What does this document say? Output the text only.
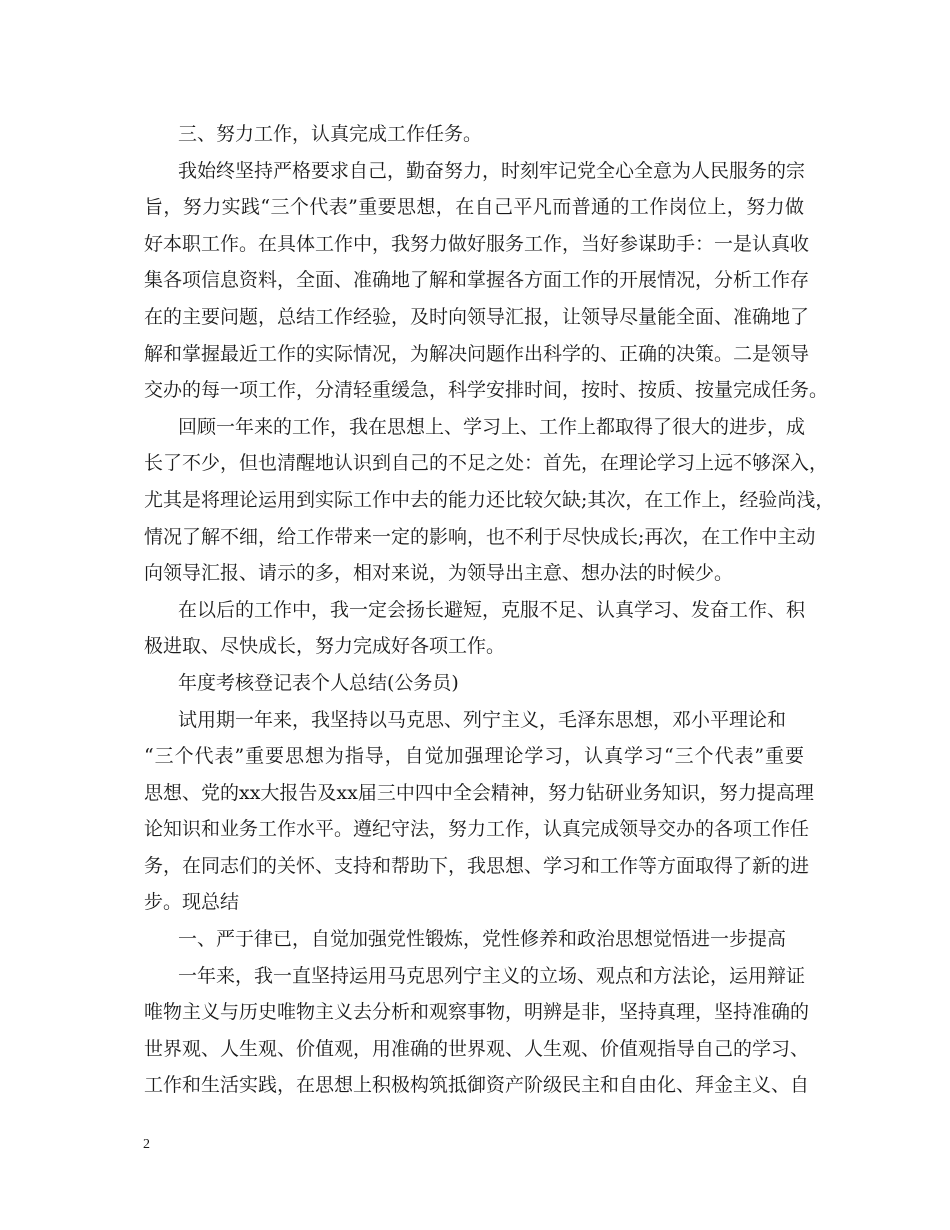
三、努力工作，认真完成工作任务。
我始终坚持严格要求自己，勤奋努力，时刻牢记党全心全意为人民服务的宗
旨，努力实践“三个代表”重要思想，在自己平凡而普通的工作岗位上，努力做
好本职工作。在具体工作中，我努力做好服务工作，当好参谋助手：一是认真收
集各项信息资料，全面、准确地了解和掌握各方面工作的开展情况，分析工作存
在的主要问题，总结工作经验，及时向领导汇报，让领导尽量能全面、准确地了
解和掌握最近工作的实际情况，为解决问题作出科学的、正确的决策。二是领导
交办的每一项工作，分清轻重缓急，科学安排时间，按时、按质、按量完成任务。
回顾一年来的工作，我在思想上、学习上、工作上都取得了很大的进步，成
长了不少，但也清醒地认识到自己的不足之处：首先，在理论学习上远不够深入，
尤其是将理论运用到实际工作中去的能力还比较欠缺;其次，在工作上，经验尚浅，
情况了解不细，给工作带来一定的影响，也不利于尽快成长;再次，在工作中主动
向领导汇报、请示的多，相对来说，为领导出主意、想办法的时候少。
在以后的工作中，我一定会扬长避短，克服不足、认真学习、发奋工作、积
极进取、尽快成长，努力完成好各项工作。
年度考核登记表个人总结(公务员)
试用期一年来，我坚持以马克思、列宁主义，毛泽东思想，邓小平理论和
“三个代表”重要思想为指导，自觉加强理论学习，认真学习“三个代表”重要
思想、党的xx大报告及xx届三中四中全会精神，努力钻研业务知识，努力提高理
论知识和业务工作水平。遵纪守法，努力工作，认真完成领导交办的各项工作任
务，在同志们的关怀、支持和帮助下，我思想、学习和工作等方面取得了新的进
步。现总结
一、严于律已，自觉加强党性锻炼，党性修养和政治思想觉悟进一步提高
一年来，我一直坚持运用马克思列宁主义的立场、观点和方法论，运用辩证
唯物主义与历史唯物主义去分析和观察事物，明辨是非，坚持真理，坚持准确的
世界观、人生观、价值观，用准确的世界观、人生观、价值观指导自己的学习、
工作和生活实践，在思想上积极构筑抵御资产阶级民主和自由化、拜金主义、自
2
